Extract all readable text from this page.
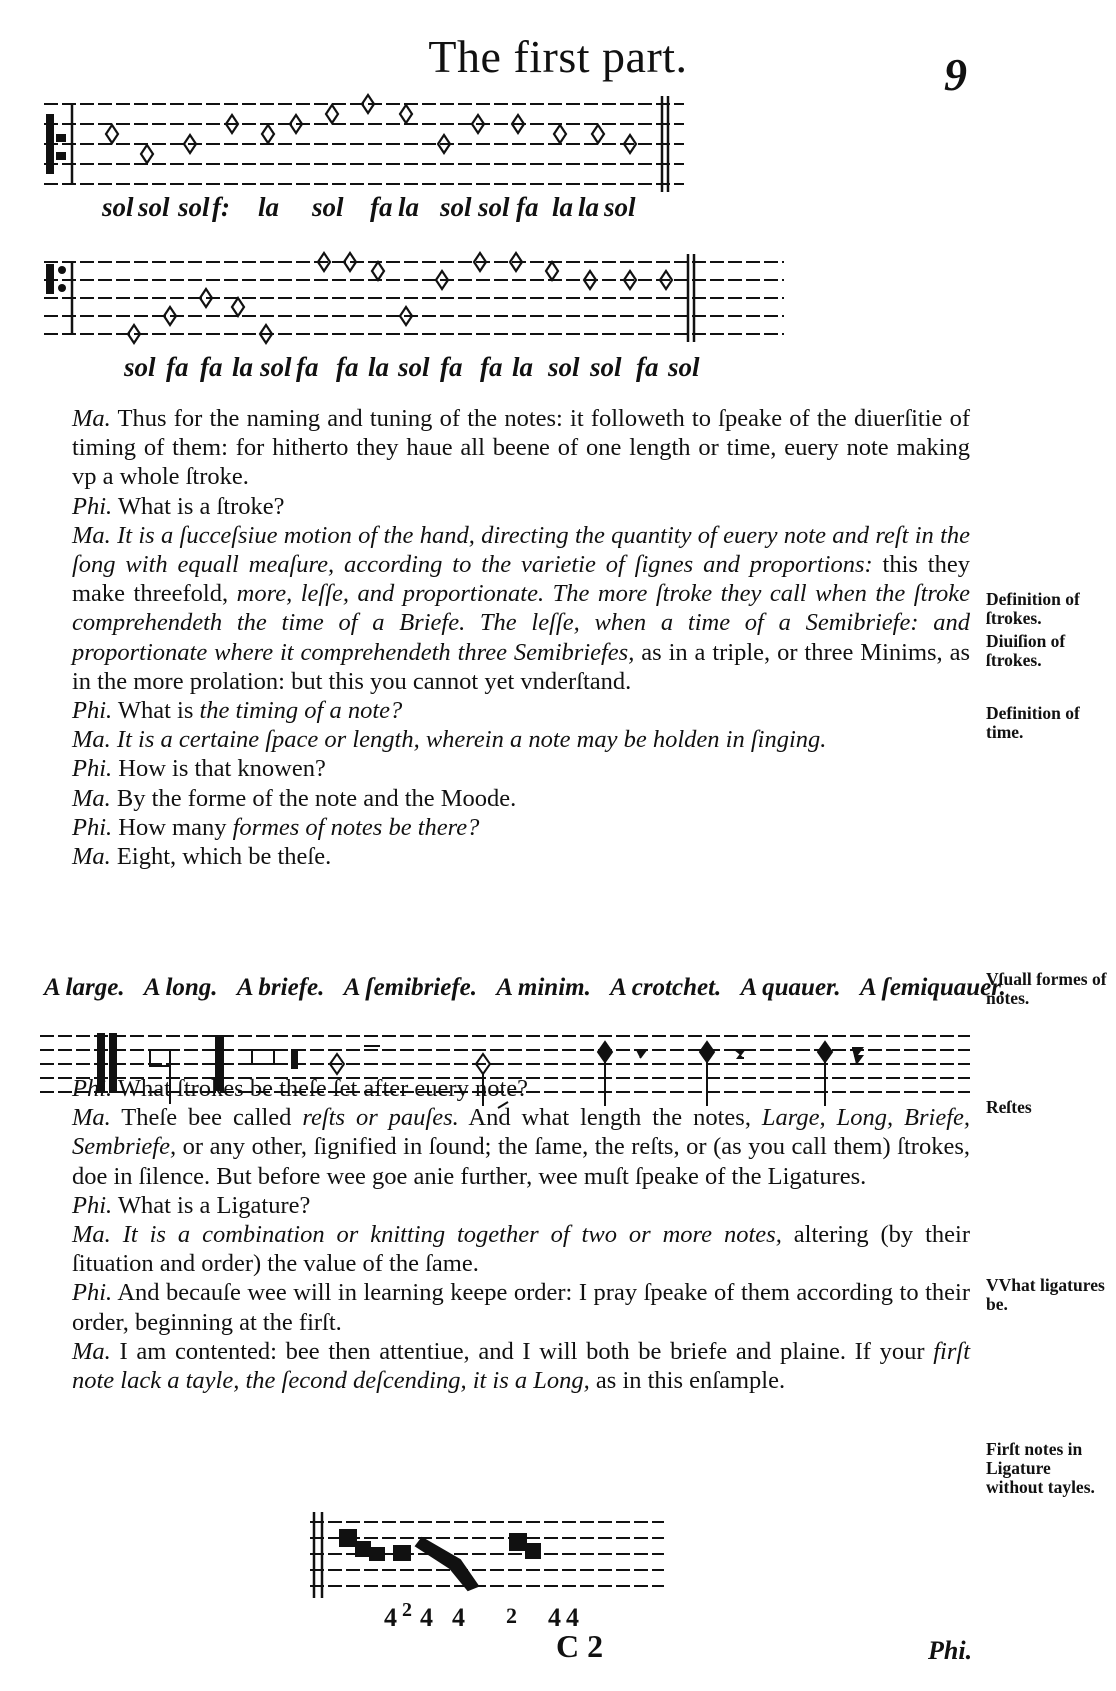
The first part.	9
sol sol sol f: la sol fa la sol sol fa la la sol
sol fa fa la sol fa fa la sol fa fa la sol sol fa sol

Ma. Thus for the naming and tuning of the notes: it followeth to ſpeake of the diuerſitie of timing of them: for hitherto they haue all beene of one length or time, euery note making vp a whole ſtroke.

Phi. What is a ſtroke?

Ma. It is a ſucceſsiue motion of the hand, directing the quantity of euery note and reſt in the ſong with equall meaſure, according to the varietie of ſignes and proportions: this they make threefold, more, leſſe, and proportionate. The more ſtroke they call when the ſtroke comprehendeth the time of a Briefe. The leſſe, when a time of a Semibriefe: and proportionate where it comprehendeth three Semibriefes, as in a triple, or three Minims, as in the more prolation: but this you cannot yet vnderſtand.

Phi. What is the timing of a note?

Ma. It is a certaine ſpace or length, wherein a note may be holden in ſinging.

Phi. How is that knowen?

Ma. By the forme of the note and the Moode.

Phi. How many formes of notes be there?

Ma. Eight, which be theſe.

A large. A long. A briefe. A ſemibriefe. A minim. A crotchet. A quauer. A ſemiquauer.

Phi. What ſtrokes be theſe ſet after euery note?

Ma. Theſe bee called reſts or pauſes. And what length the notes, Large, Long, Briefe, Sembriefe, or any other, ſignified in ſound; the ſame, the reſts, or (as you call them) ſtrokes, doe in ſilence. But before wee goe anie further, wee muſt ſpeake of the Ligatures.

Phi. What is a Ligature?

Ma. It is a combination or knitting together of two or more notes, altering (by their ſituation and order) the value of the ſame.

Phi. And becauſe wee will in learning keepe order: I pray ſpeake of them according to their order, beginning at the firſt.

Ma. I am contented: bee then attentiue, and I will both be briefe and plaine. If your firſt note lack a tayle, the ſecond deſcending, it is a Long, as in this enſample.

Definition of ſtrokes.
Diuiſion of ſtrokes.
Definition of time.
Vſuall formes of notes.
Reſtes
VVhat ligatures be.
Firſt notes in Ligature without tayles.
4 2 4 4 2 4 4
C 2	Phi.
